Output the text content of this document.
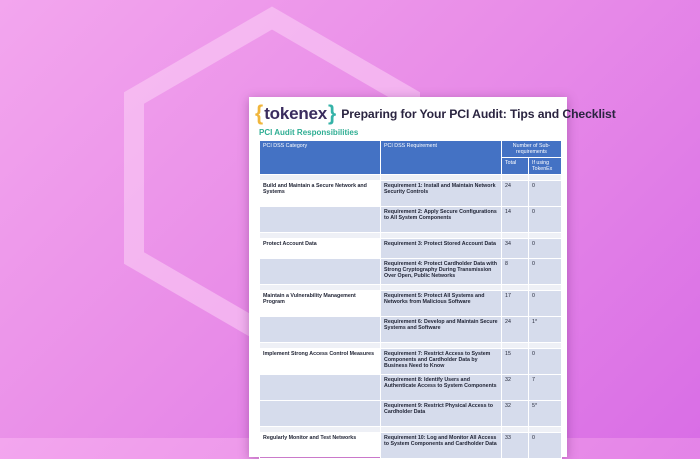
{ tokenex } Preparing for Your PCI Audit: Tips and Checklist
PCI Audit Responsibilities
PCI DSS Category	PCI DSS Requirement	Number of Sub-requirements	
		Total	If using TokenEx

Build and Maintain a Secure Network and Systems	Requirement 1: Install and Maintain Network Security Controls	24	0
	Requirement 2: Apply Secure Configurations to All System Components	14	0

Protect Account Data	Requirement 3: Protect Stored Account Data	34	0
	Requirement 4: Protect Cardholder Data with Strong Cryptography During Transmission Over Open, Public Networks	8	0

Maintain a Vulnerability Management Program	Requirement 5: Protect All Systems and Networks from Malicious Software	17	0
	Requirement 6: Develop and Maintain Secure Systems and Software	24	1*

Implement Strong Access Control Measures	Requirement 7: Restrict Access to System Components and Cardholder Data by Business Need to Know	15	0
	Requirement 8: Identify Users and Authenticate Access to System Components	32	7
	Requirement 9: Restrict Physical Access to Cardholder Data	32	5*

Regularly Monitor and Test Networks	Requirement 10: Log and Monitor All Access to System Components and Cardholder Data	33	0
